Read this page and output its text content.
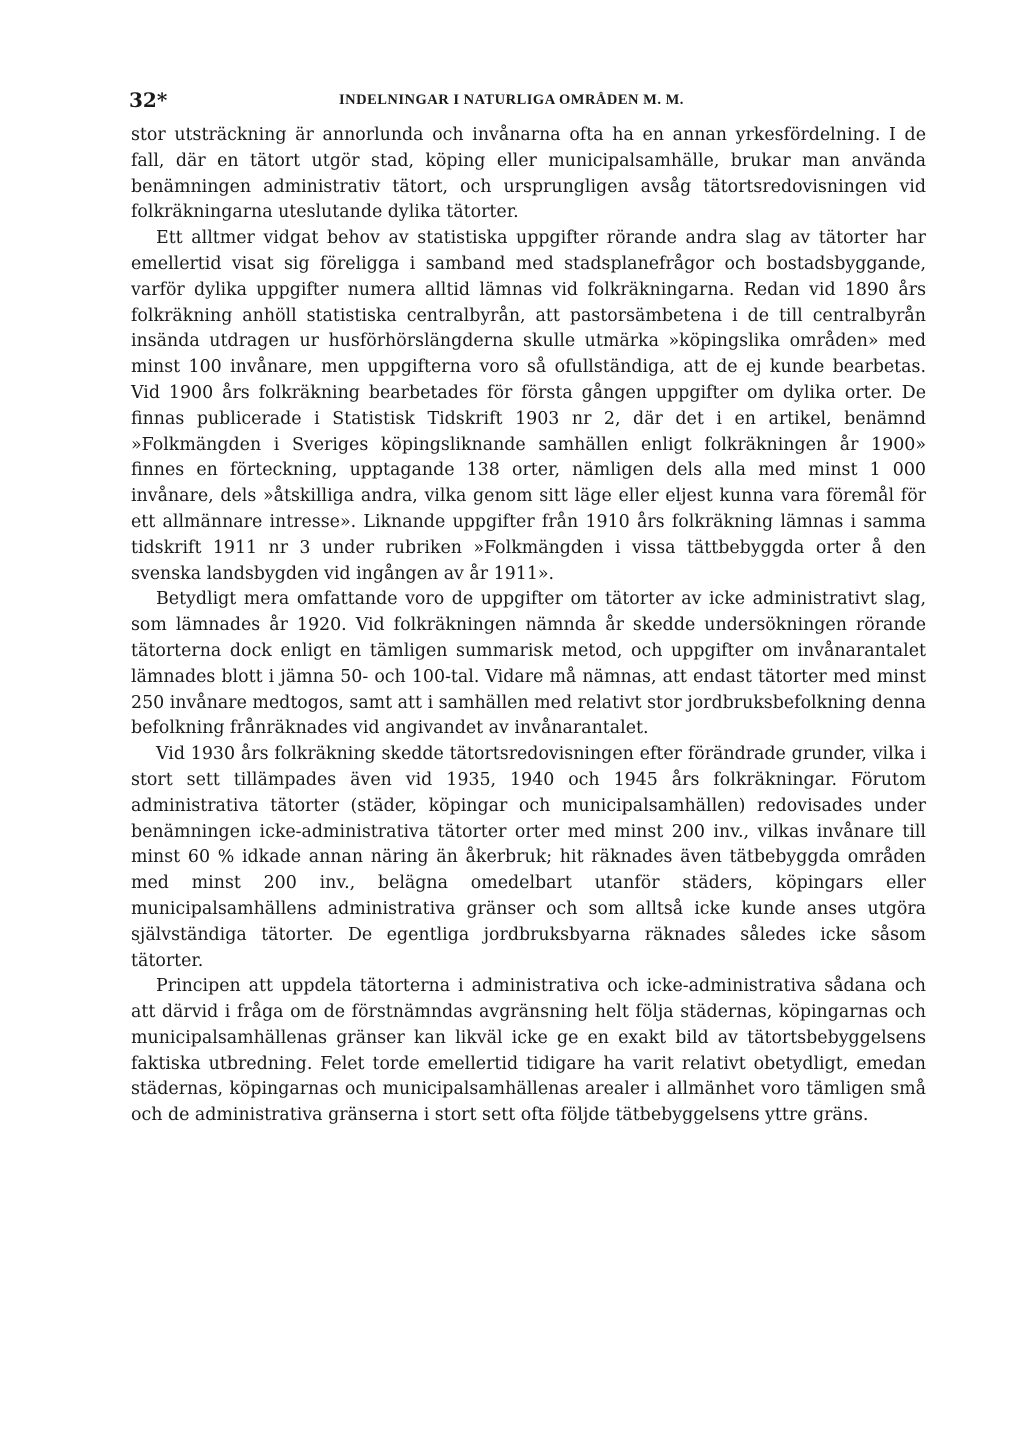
32*	INDELNINGAR I NATURLIGA OMRÅDEN M. M.

stor utsträckning är annorlunda och invånarna ofta ha en annan yrkesfördelning. I de fall, där en tätort utgör stad, köping eller municipalsamhälle, brukar man använda benämningen administrativ tätort, och ursprungligen avsåg tätortsredovisningen vid folkräkningarna uteslutande dylika tätorter.

Ett alltmer vidgat behov av statistiska uppgifter rörande andra slag av tätorter har emellertid visat sig föreligga i samband med stadsplanefrågor och bostadsbyggande, varför dylika uppgifter numera alltid lämnas vid folkräkningarna. Redan vid 1890 års folkräkning anhöll statistiska centralbyrån, att pastorsämbetena i de till centralbyrån insända utdragen ur husförhörslängderna skulle utmärka »köpingslika områden» med minst 100 invånare, men uppgifterna voro så ofullständiga, att de ej kunde bearbetas. Vid 1900 års folkräkning bearbetades för första gången uppgifter om dylika orter. De finnas publicerade i Statistisk Tidskrift 1903 nr 2, där det i en artikel, benämnd »Folkmängden i Sveriges köpingsliknande samhällen enligt folkräkningen år 1900» finnes en förteckning, upptagande 138 orter, nämligen dels alla med minst 1 000 invånare, dels »åtskilliga andra, vilka genom sitt läge eller eljest kunna vara föremål för ett allmännare intresse». Liknande uppgifter från 1910 års folkräkning lämnas i samma tidskrift 1911 nr 3 under rubriken »Folkmängden i vissa tättbebyggda orter å den svenska landsbygden vid ingången av år 1911».

Betydligt mera omfattande voro de uppgifter om tätorter av icke administrativt slag, som lämnades år 1920. Vid folkräkningen nämnda år skedde undersökningen rörande tätorterna dock enligt en tämligen summarisk metod, och uppgifter om invånarantalet lämnades blott i jämna 50- och 100-tal. Vidare må nämnas, att endast tätorter med minst 250 invånare medtogos, samt att i samhällen med relativt stor jordbruksbefolkning denna befolkning frånräknades vid angivandet av invånarantalet.

Vid 1930 års folkräkning skedde tätortsredovisningen efter förändrade grunder, vilka i stort sett tillämpades även vid 1935, 1940 och 1945 års folkräkningar. Förutom administrativa tätorter (städer, köpingar och municipalsamhällen) redovisades under benämningen icke-administrativa tätorter orter med minst 200 inv., vilkas invånare till minst 60 % idkade annan näring än åkerbruk; hit räknades även tätbebyggda områden med minst 200 inv., belägna omedelbart utanför städers, köpingars eller municipalsamhällens administrativa gränser och som alltså icke kunde anses utgöra självständiga tätorter. De egentliga jordbruksbyarna räknades således icke såsom tätorter.

Principen att uppdela tätorterna i administrativa och icke-administrativa sådana och att därvid i fråga om de förstnämndas avgränsning helt följa städernas, köpingarnas och municipalsamhällenas gränser kan likväl icke ge en exakt bild av tätortsbebyggelsens faktiska utbredning. Felet torde emellertid tidigare ha varit relativt obetydligt, emedan städernas, köpingarnas och municipalsamhällenas arealer i allmänhet voro tämligen små och de administrativa gränserna i stort sett ofta följde tätbebyggelsens yttre gräns.
